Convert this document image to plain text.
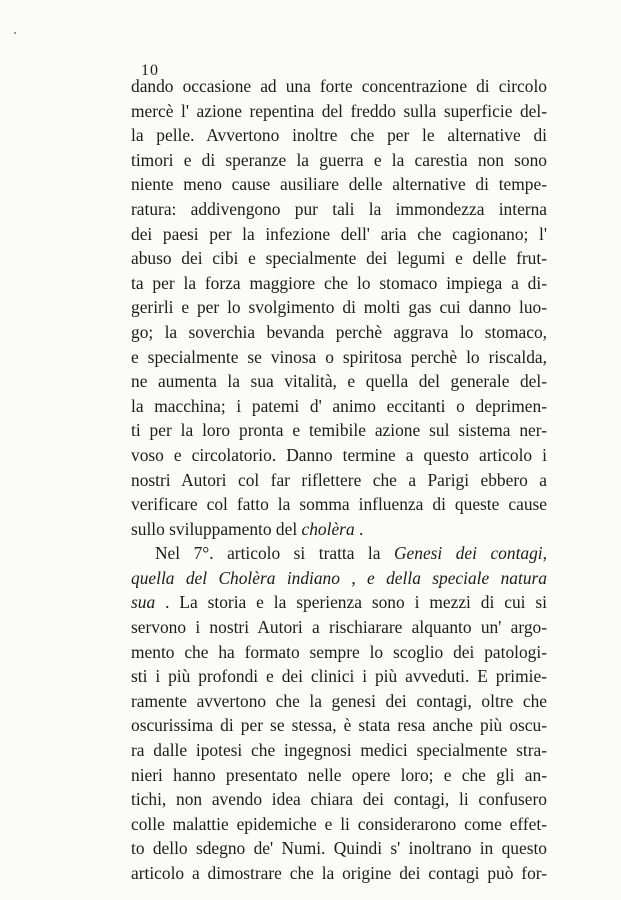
10
dando occasione ad una forte concentrazione di circolo
mercè l' azione repentina del freddo sulla superficie del-
la pelle. Avvertono inoltre che per le alternative di
timori e di speranze la guerra e la carestia non sono
niente meno cause ausiliare delle alternative di tempe-
ratura: addivengono pur tali la immondezza interna
dei paesi per la infezione dell' aria che cagionano; l'
abuso dei cibi e specialmente dei legumi e delle frut-
ta per la forza maggiore che lo stomaco impiega a di-
gerirli e per lo svolgimento di molti gas cui danno luo-
go; la soverchia bevanda perchè aggrava lo stomaco,
e specialmente se vinosa o spiritosa perchè lo riscalda,
ne aumenta la sua vitalità, e quella del generale del-
la macchina; i patemi d' animo eccitanti o deprimen-
ti per la loro pronta e temibile azione sul sistema ner-
voso e circolatorio. Danno termine a questo articolo i
nostri Autori col far riflettere che a Parigi ebbero a
verificare col fatto la somma influenza di queste cause
sullo sviluppamento del cholèra .
Nel 7°. articolo si tratta la Genesi dei contagi,
quella del Cholèra indiano , e della speciale natura
sua . La storia e la sperienza sono i mezzi di cui si
servono i nostri Autori a rischiarare alquanto un' argo-
mento che ha formato sempre lo scoglio dei patologi-
sti i più profondi e dei clinici i più avveduti. E primie-
ramente avvertono che la genesi dei contagi, oltre che
oscurissima di per se stessa, è stata resa anche più oscu-
ra dalle ipotesi che ingegnosi medici specialmente stra-
nieri hanno presentato nelle opere loro; e che gli an-
tichi, non avendo idea chiara dei contagi, li confusero
colle malattie epidemiche e li considerarono come effet-
to dello sdegno de' Numi. Quindi s' inoltrano in questo
articolo a dimostrare che la origine dei contagi può for-
